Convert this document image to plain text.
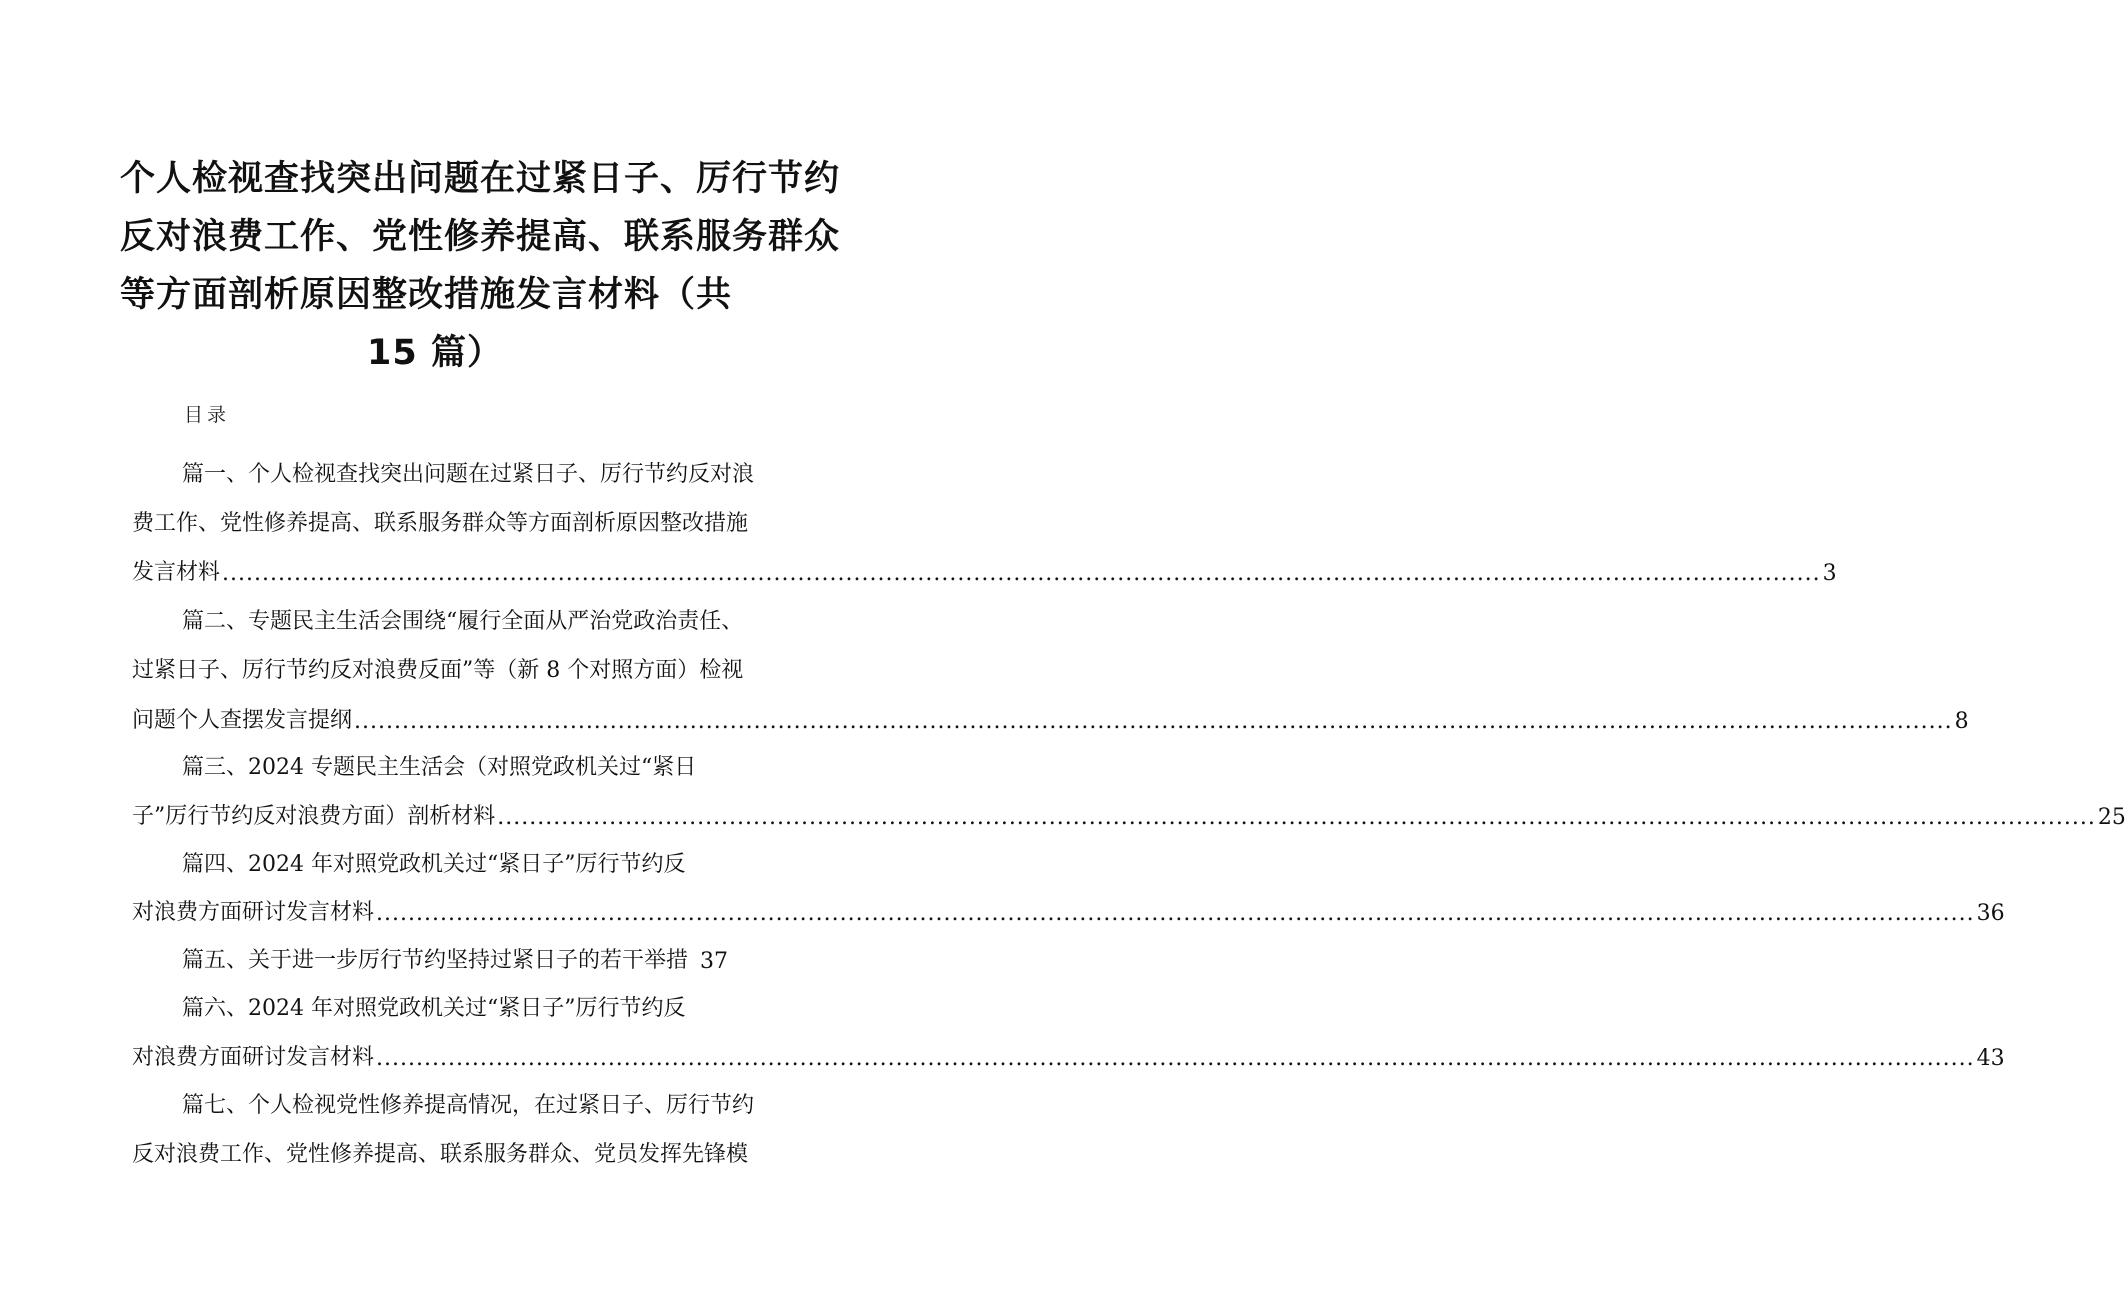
个人检视查找突出问题在过紧日子、厉行节约
反对浪费工作、党性修养提高、联系服务群众
等方面剖析原因整改措施发言材料（共
15 篇）
目录
篇一、个人检视查找突出问题在过紧日子、厉行节约反对浪
费工作、党性修养提高、联系服务群众等方面剖析原因整改措施
发言材料 ........................................................................................................................................................................................................ 3
篇二、专题民主生活会围绕“履行全面从严治党政治责任、
过紧日子、厉行节约反对浪费反面”等（新 8 个对照方面）检视
问题个人查摆发言提纲 ........................................................................................................................................................................................................ 8
篇三、2024 专题民主生活会（对照党政机关过“紧日
子”厉行节约反对浪费方面）剖析材料 ........................................................................................................................................................................................................ 25
篇四、2024 年对照党政机关过“紧日子”厉行节约反
对浪费方面研讨发言材料 ........................................................................................................................................................................................................ 36
篇五、关于进一步厉行节约坚持过紧日子的若干举措 37
篇六、2024 年对照党政机关过“紧日子”厉行节约反
对浪费方面研讨发言材料 ........................................................................................................................................................................................................ 43
篇七、个人检视党性修养提高情况，在过紧日子、厉行节约
反对浪费工作、党性修养提高、联系服务群众、党员发挥先锋模
